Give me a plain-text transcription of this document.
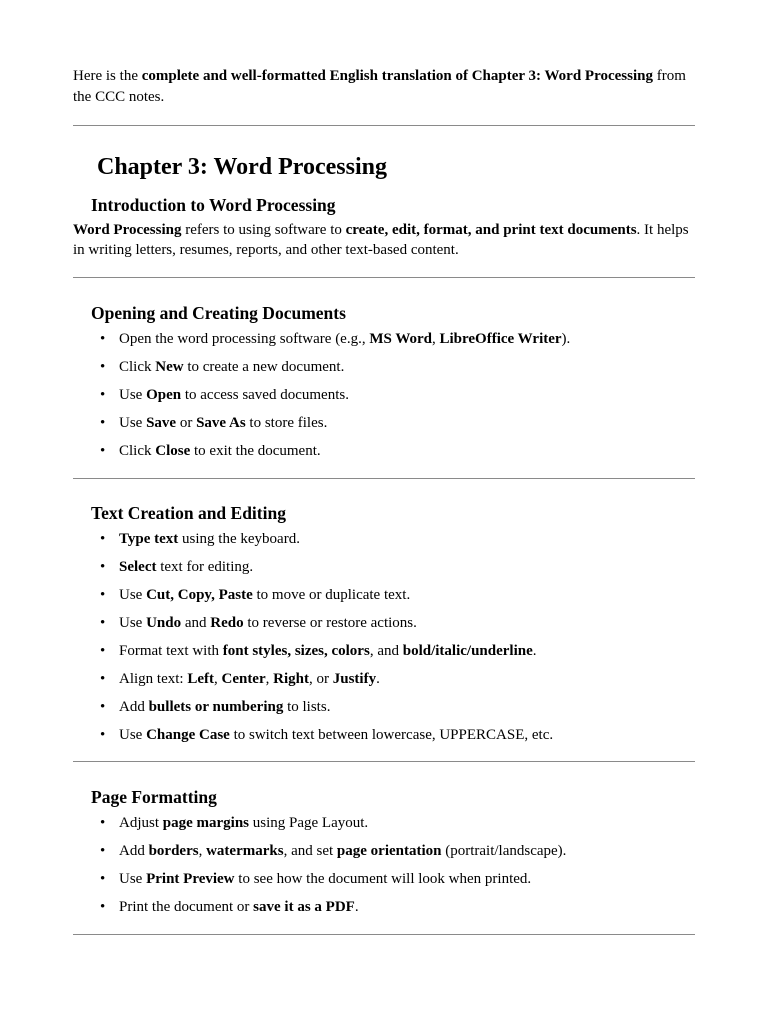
Here is the complete and well-formatted English translation of Chapter 3: Word Processing from the CCC notes.
Chapter 3: Word Processing
Introduction to Word Processing
Word Processing refers to using software to create, edit, format, and print text documents. It helps in writing letters, resumes, reports, and other text-based content.
Opening and Creating Documents
• Open the word processing software (e.g., MS Word, LibreOffice Writer).
• Click New to create a new document.
• Use Open to access saved documents.
• Use Save or Save As to store files.
• Click Close to exit the document.
Text Creation and Editing
• Type text using the keyboard.
• Select text for editing.
• Use Cut, Copy, Paste to move or duplicate text.
• Use Undo and Redo to reverse or restore actions.
• Format text with font styles, sizes, colors, and bold/italic/underline.
• Align text: Left, Center, Right, or Justify.
• Add bullets or numbering to lists.
• Use Change Case to switch text between lowercase, UPPERCASE, etc.
Page Formatting
• Adjust page margins using Page Layout.
• Add borders, watermarks, and set page orientation (portrait/landscape).
• Use Print Preview to see how the document will look when printed.
• Print the document or save it as a PDF.
